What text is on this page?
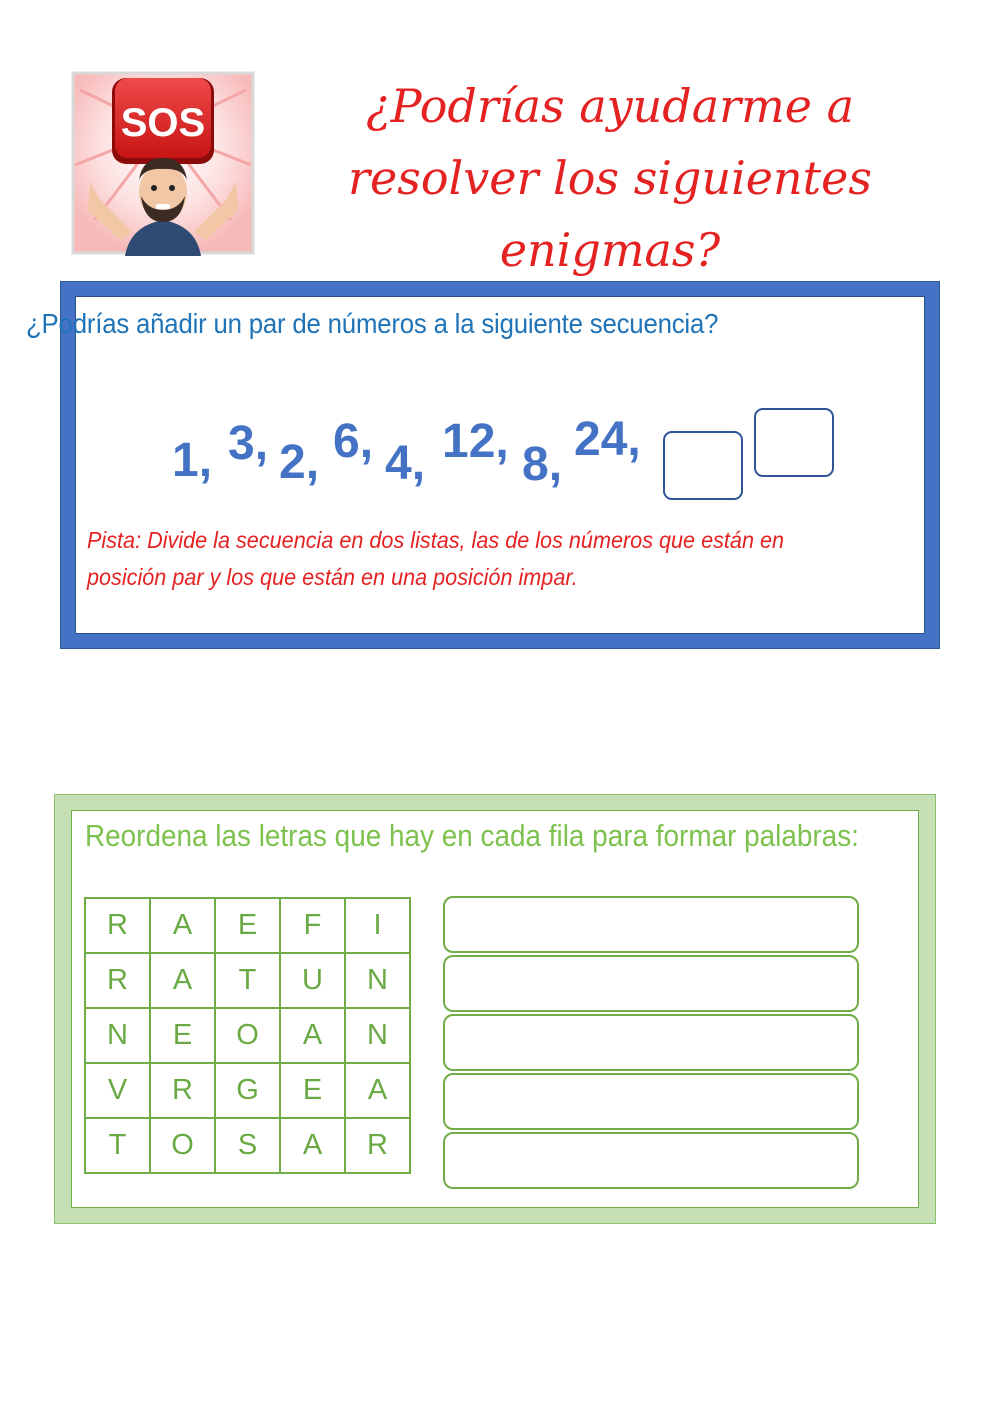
SOS	¿Podrías ayudarme a
resolver los siguientes
enigmas?
¿Podrías añadir un par de números a la siguiente secuencia?
1, 3, 2, 6, 4, 12, 8, 24,
Pista: Divide la secuencia en dos listas, las de los números que están en
posición par y los que están en una posición impar.
Reordena las letras que hay en cada fila para formar palabras:
R	A	E	F	I
R	A	T	U	N
N	E	O	A	N
V	R	G	E	A
T	O	S	A	R
